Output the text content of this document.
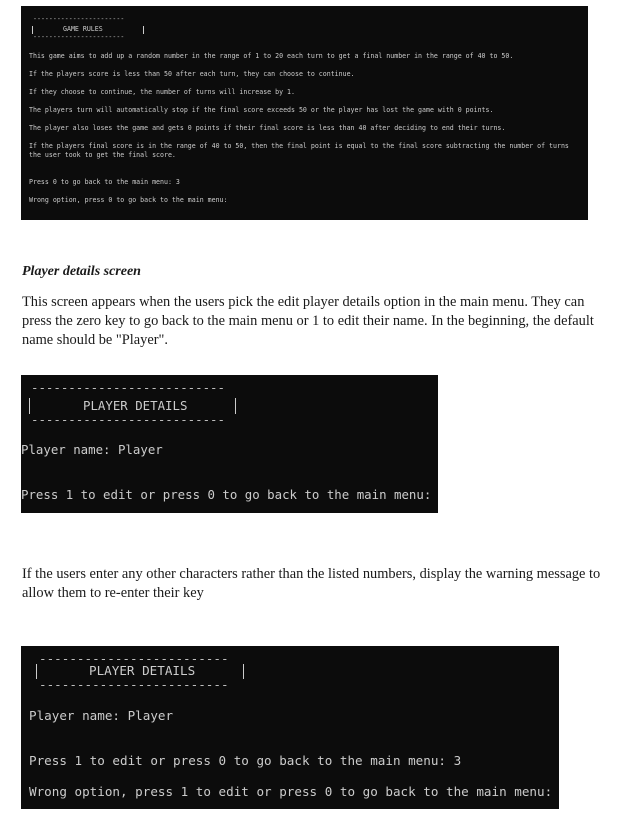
-----------------------
GAME RULES
-----------------------
This game aims to add up a random number in the range of 1 to 20 each turn to get a final number in the range of 40 to 50.
If the players score is less than 50 after each turn, they can choose to continue.
If they choose to continue, the number of turns will increase by 1.
The players turn will automatically stop if the final score exceeds 50 or the player has lost the game with 0 points.
The player also loses the game and gets 0 points if their final score is less than 40 after deciding to end their turns.
If the players final score is in the range of 40 to 50, then the final point is equal to the final score subtracting the number of turns the user took to get the final score.
Press 0 to go back to the main menu: 3
Wrong option, press 0 to go back to the main menu:
Player details screen
This screen appears when the users pick the edit player details option in the main menu. They can press the zero key to go back to the main menu or 1 to edit their name. In the beginning, the default name should be "Player".
--------------------------
PLAYER DETAILS
--------------------------
Player name: Player
Press 1 to edit or press 0 to go back to the main menu:
If the users enter any other characters rather than the listed numbers, display the warning message to allow them to re-enter their key
-------------------------
PLAYER DETAILS
-------------------------
Player name: Player
Press 1 to edit or press 0 to go back to the main menu: 3
Wrong option, press 1 to edit or press 0 to go back to the main menu:
